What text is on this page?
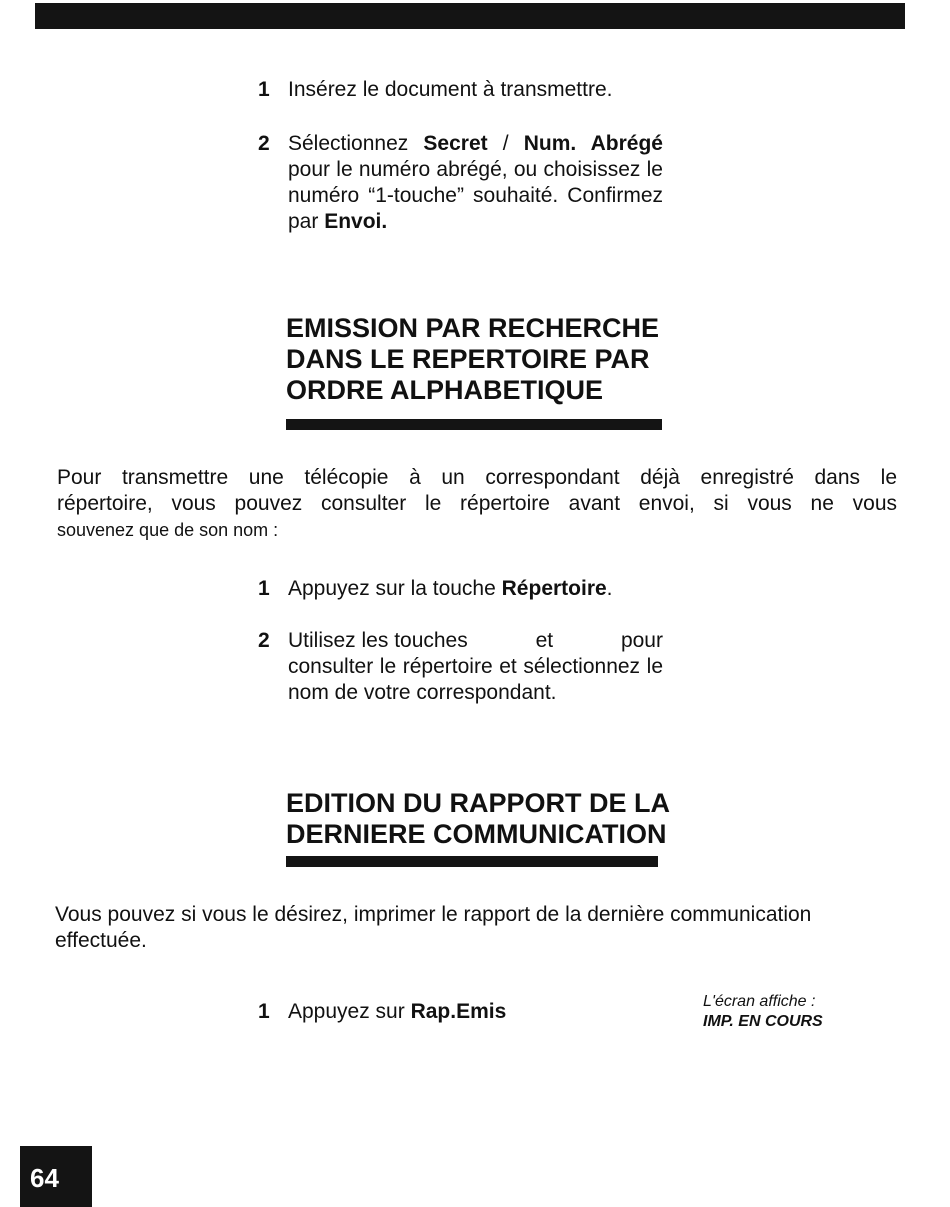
1 Insérez le document à transmettre.
2 Sélectionnez Secret / Num. Abrégé pour le numéro abrégé, ou choisissez le numéro “1-touche” souhaité. Confirmez par Envoi.
EMISSION PAR RECHERCHE
DANS LE REPERTOIRE PAR
ORDRE ALPHABETIQUE
Pour transmettre une télécopie à un correspondant déjà enregistré dans le
répertoire, vous pouvez consulter le répertoire avant envoi, si vous ne vous
souvenez que de son nom :
1 Appuyez sur la touche Répertoire.
2 Utilisez les touches	et	pour
consulter le répertoire et sélectionnez le nom de votre correspondant.
EDITION DU RAPPORT DE LA
DERNIERE COMMUNICATION
Vous pouvez si vous le désirez, imprimer le rapport de la dernière communication
effectuée.
1 Appuyez sur Rap.Emis	L'écran affiche :
IMP. EN COURS
64
